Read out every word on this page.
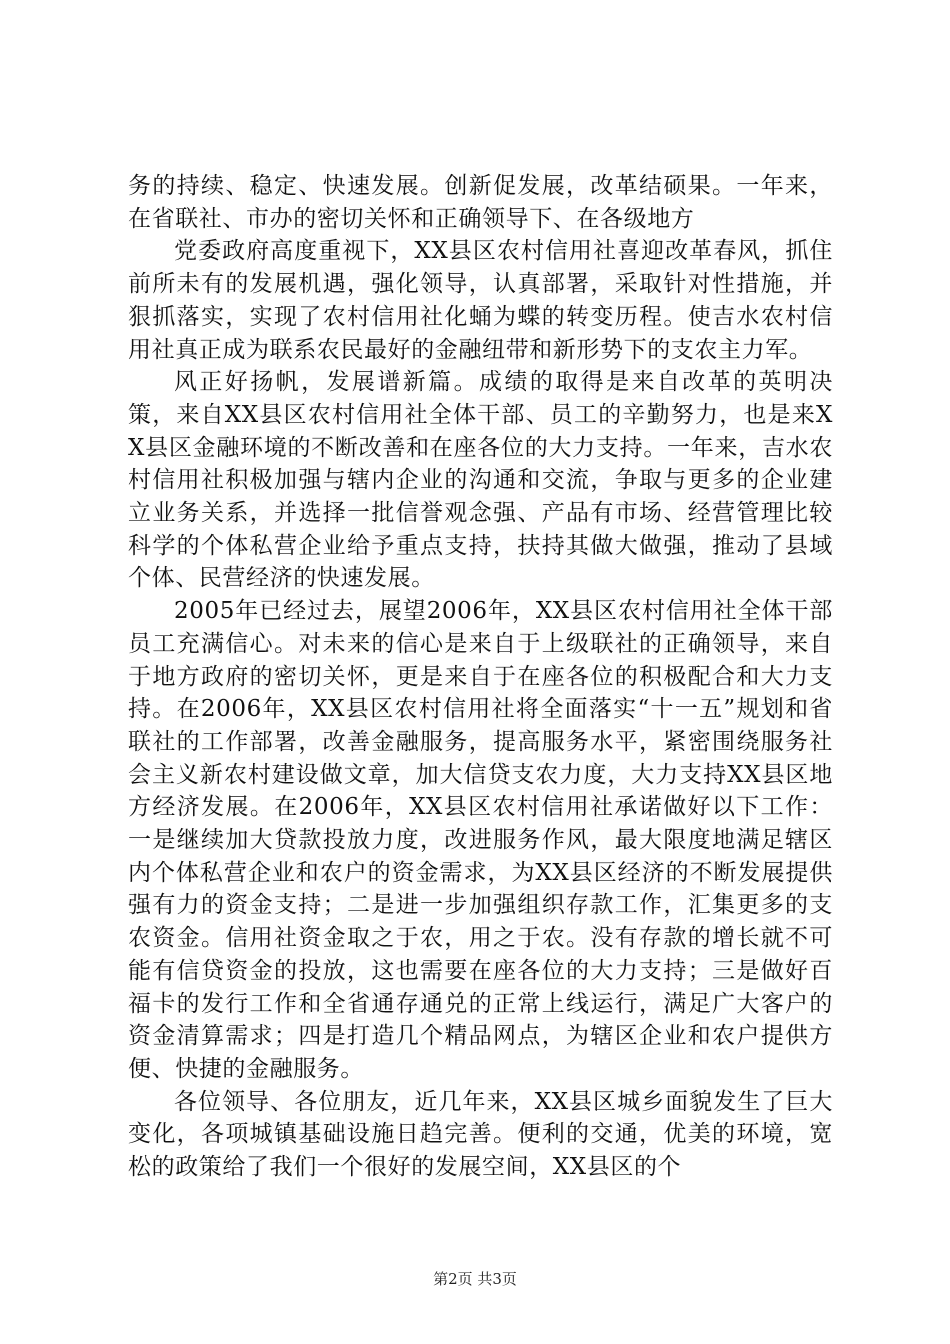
务的持续、稳定、快速发展。创新促发展，改革结硕果。一年来，在省联社、市办的密切关怀和正确领导下、在各级地方

党委政府高度重视下，XX县区农村信用社喜迎改革春风，抓住前所未有的发展机遇，强化领导，认真部署，采取针对性措施，并狠抓落实，实现了农村信用社化蛹为蝶的转变历程。使吉水农村信用社真正成为联系农民最好的金融纽带和新形势下的支农主力军。

风正好扬帆，发展谱新篇。成绩的取得是来自改革的英明决策，来自XX县区农村信用社全体干部、员工的辛勤努力，也是来XX县区金融环境的不断改善和在座各位的大力支持。一年来，吉水农村信用社积极加强与辖内企业的沟通和交流，争取与更多的企业建立业务关系，并选择一批信誉观念强、产品有市场、经营管理比较科学的个体私营企业给予重点支持，扶持其做大做强，推动了县域个体、民营经济的快速发展。

2005年已经过去，展望2006年，XX县区农村信用社全体干部员工充满信心。对未来的信心是来自于上级联社的正确领导，来自于地方政府的密切关怀，更是来自于在座各位的积极配合和大力支持。在2006年，XX县区农村信用社将全面落实“十一五”规划和省联社的工作部署，改善金融服务，提高服务水平，紧密围绕服务社会主义新农村建设做文章，加大信贷支农力度，大力支持XX县区地方经济发展。在2006年，XX县区农村信用社承诺做好以下工作：一是继续加大贷款投放力度，改进服务作风，最大限度地满足辖区内个体私营企业和农户的资金需求，为XX县区经济的不断发展提供强有力的资金支持；二是进一步加强组织存款工作，汇集更多的支农资金。信用社资金取之于农，用之于农。没有存款的增长就不可能有信贷资金的投放，这也需要在座各位的大力支持；三是做好百福卡的发行工作和全省通存通兑的正常上线运行，满足广大客户的资金清算需求；四是打造几个精品网点，为辖区企业和农户提供方便、快捷的金融服务。

各位领导、各位朋友，近几年来，XX县区城乡面貌发生了巨大变化，各项城镇基础设施日趋完善。便利的交通，优美的环境，宽松的政策给了我们一个很好的发展空间，XX县区的个

第2页 共3页
